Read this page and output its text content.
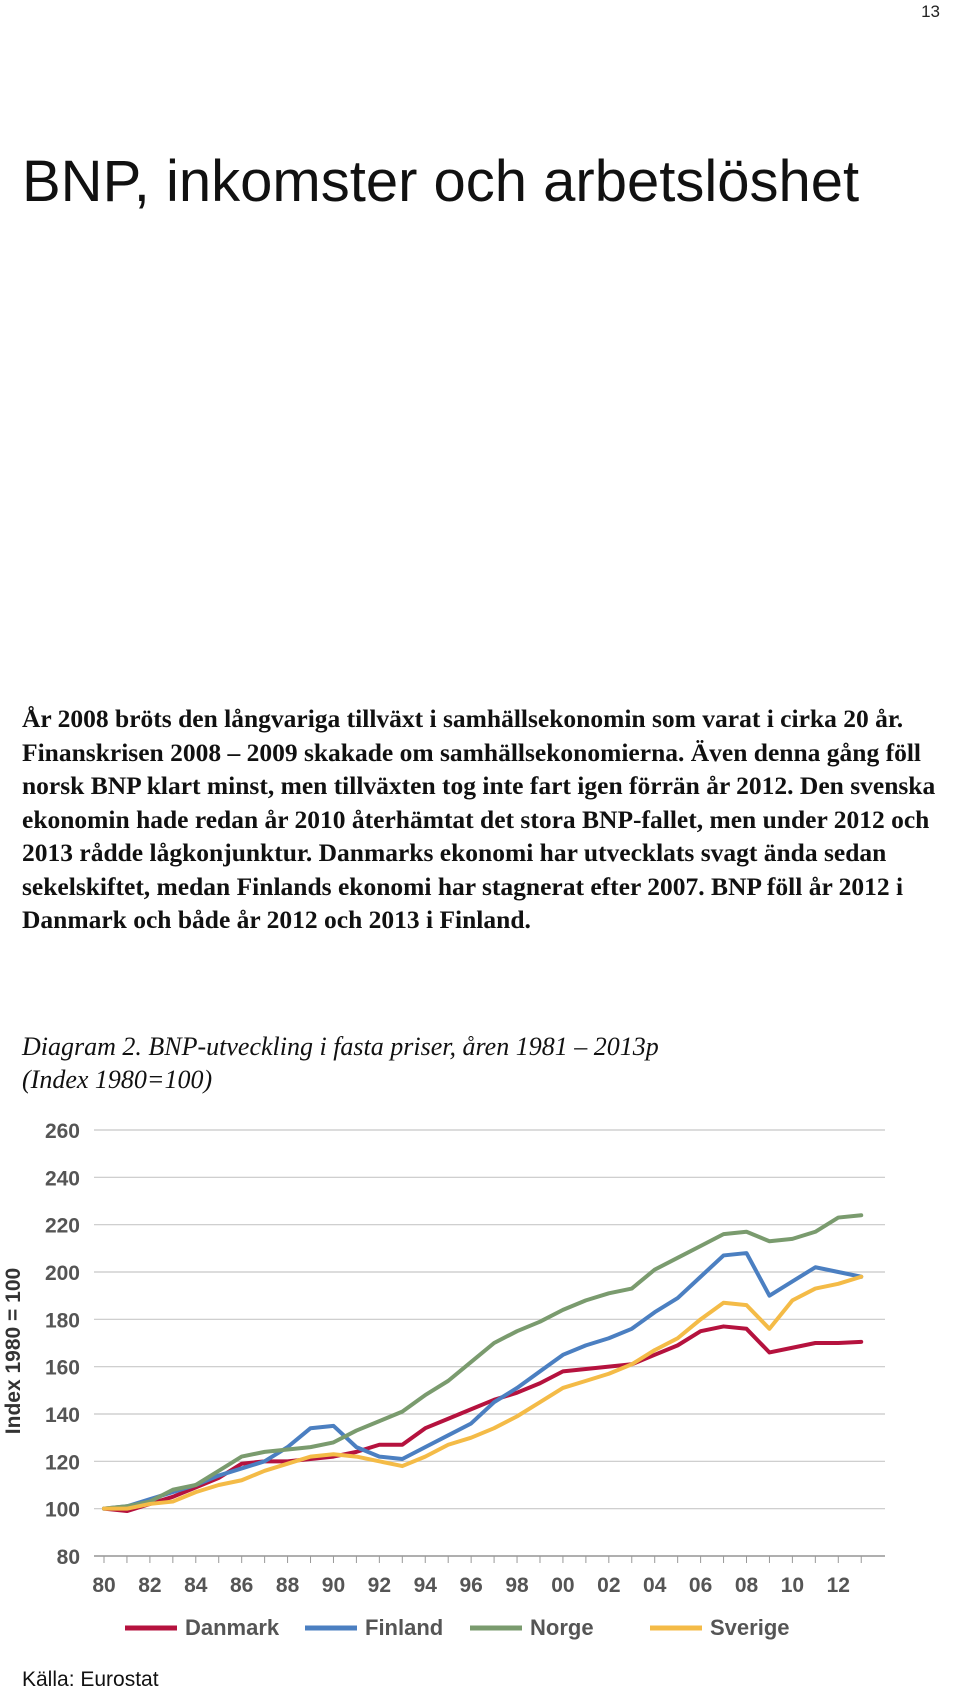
13
BNP, inkomster och arbetslöshet

År 2008 bröts den långvariga tillväxt i samhällsekonomin som varat i cirka 20 år. Finanskrisen 2008 – 2009 skakade om samhällsekonomierna. Även denna gång föll norsk BNP klart minst, men tillväxten tog inte fart igen förrän år 2012. Den svenska ekonomin hade redan år 2010 återhämtat det stora BNP-fallet, men under 2012 och 2013 rådde lågkonjunktur. Danmarks ekonomi har utvecklats svagt ända sedan sekelskiftet, medan Finlands ekonomi har stagnerat efter 2007. BNP föll år 2012 i Danmark och både år 2012 och 2013 i Finland.

Diagram 2. BNP-utveckling i fasta priser, åren 1981 – 2013p
(Index 1980=100)
80
100
120
140
160
180
200
220
240
260
80 82 84 86 88 90 92 94 96 98 00 02 04 06 08 10 12
Index 1980 = 100
Danmark	Finland	Norge	Sverige
Källa: Eurostat
